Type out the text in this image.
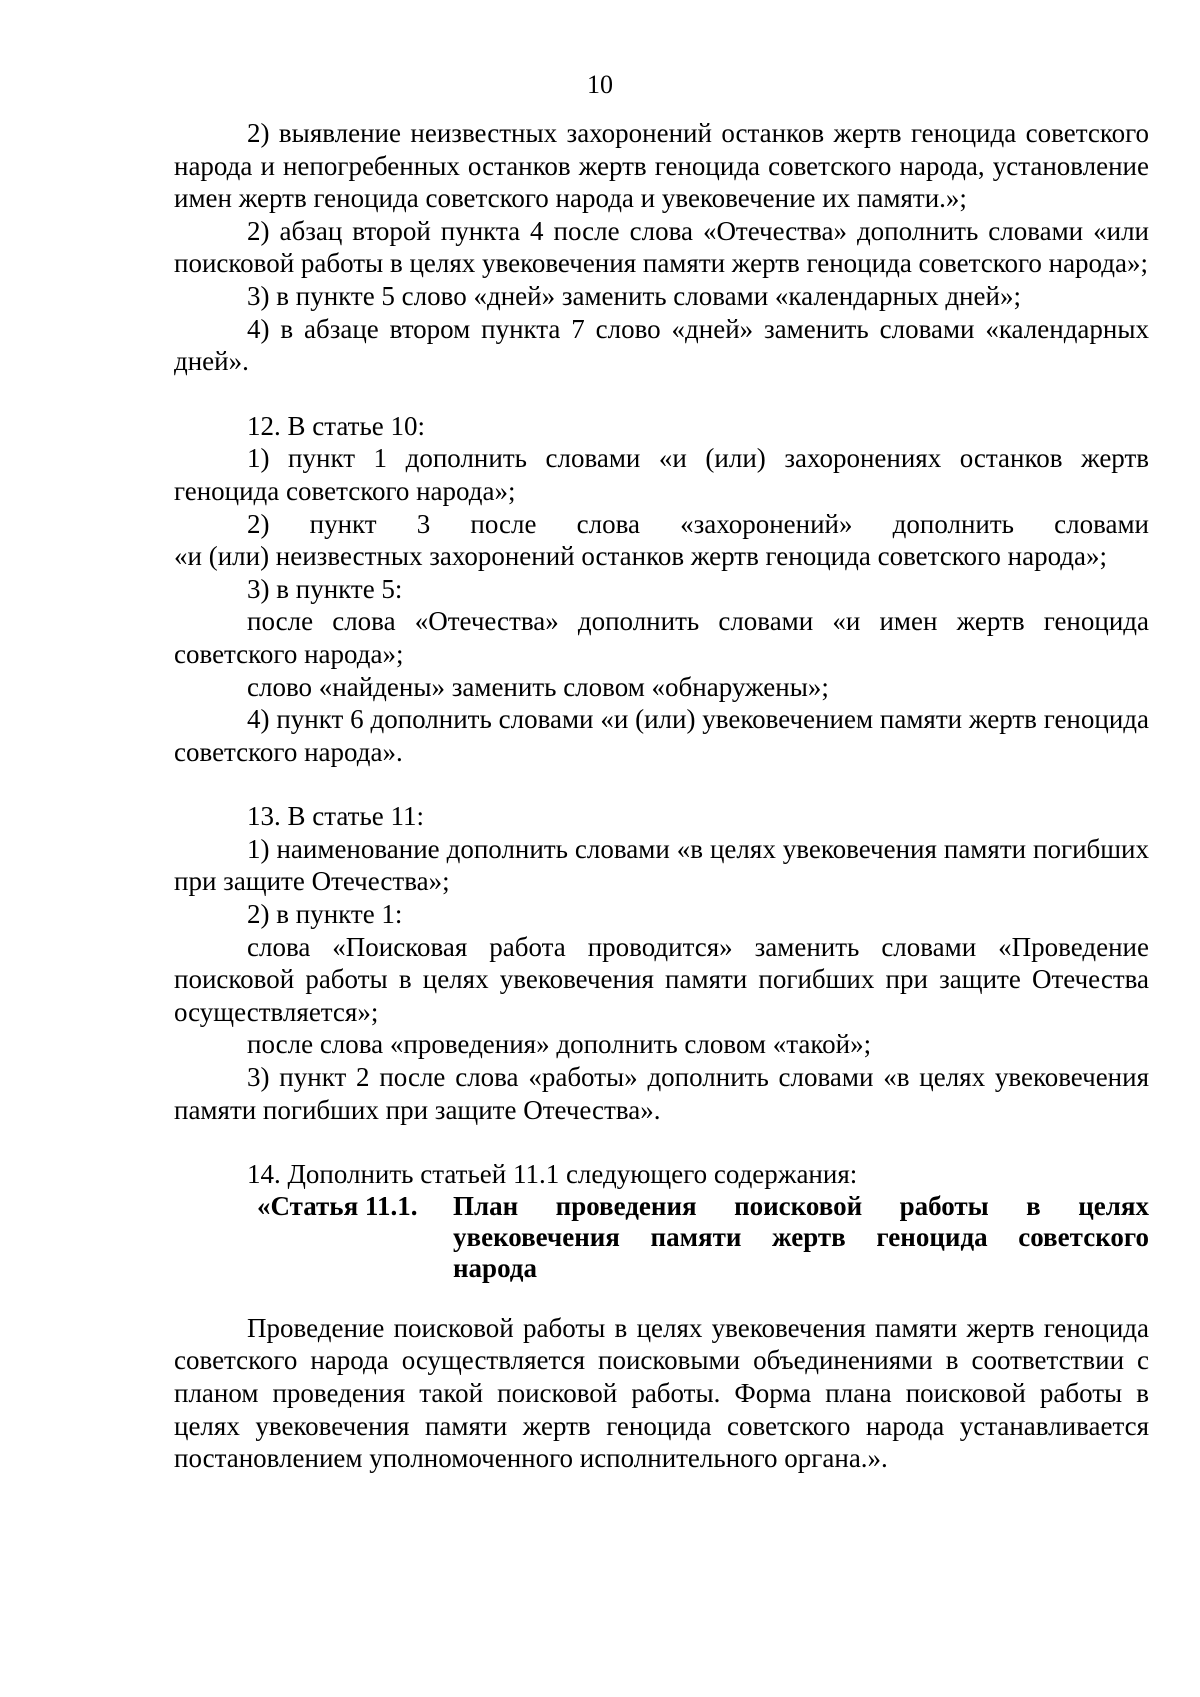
10

2) выявление неизвестных захоронений останков жертв геноцида советского народа и непогребенных останков жертв геноцида советского народа, установление имен жертв геноцида советского народа и увековечение их памяти.»;

2) абзац второй пункта 4 после слова «Отечества» дополнить словами «или поисковой работы в целях увековечения памяти жертв геноцида советского народа»;

3) в пункте 5 слово «дней» заменить словами «календарных дней»;

4) в абзаце втором пункта 7 слово «дней» заменить словами «календарных дней».

12. В статье 10:

1) пункт 1 дополнить словами «и (или) захоронениях останков жертв геноцида советского народа»;

2) пункт 3 после слова «захоронений» дополнить словами

«и (или) неизвестных захоронений останков жертв геноцида советского народа»;

3) в пункте 5:

после слова «Отечества» дополнить словами «и имен жертв геноцида советского народа»;

слово «найдены» заменить словом «обнаружены»;

4) пункт 6 дополнить словами «и (или) увековечением памяти жертв геноцида советского народа».

13. В статье 11:

1) наименование дополнить словами «в целях увековечения памяти погибших при защите Отечества»;

2) в пункте 1:

слова «Поисковая работа проводится» заменить словами «Проведение поисковой работы в целях увековечения памяти погибших при защите Отечества осуществляется»;

после слова «проведения» дополнить словом «такой»;

3) пункт 2 после слова «работы» дополнить словами «в целях увековечения памяти погибших при защите Отечества».

14. Дополнить статьей 11.1 следующего содержания:

«Статья 11.1.	План проведения поисковой работы в целях увековечения памяти жертв геноцида советского народа

Проведение поисковой работы в целях увековечения памяти жертв геноцида советского народа осуществляется поисковыми объединениями в соответствии с планом проведения такой поисковой работы. Форма плана поисковой работы в целях увековечения памяти жертв геноцида советского народа устанавливается постановлением уполномоченного исполнительного органа.».
